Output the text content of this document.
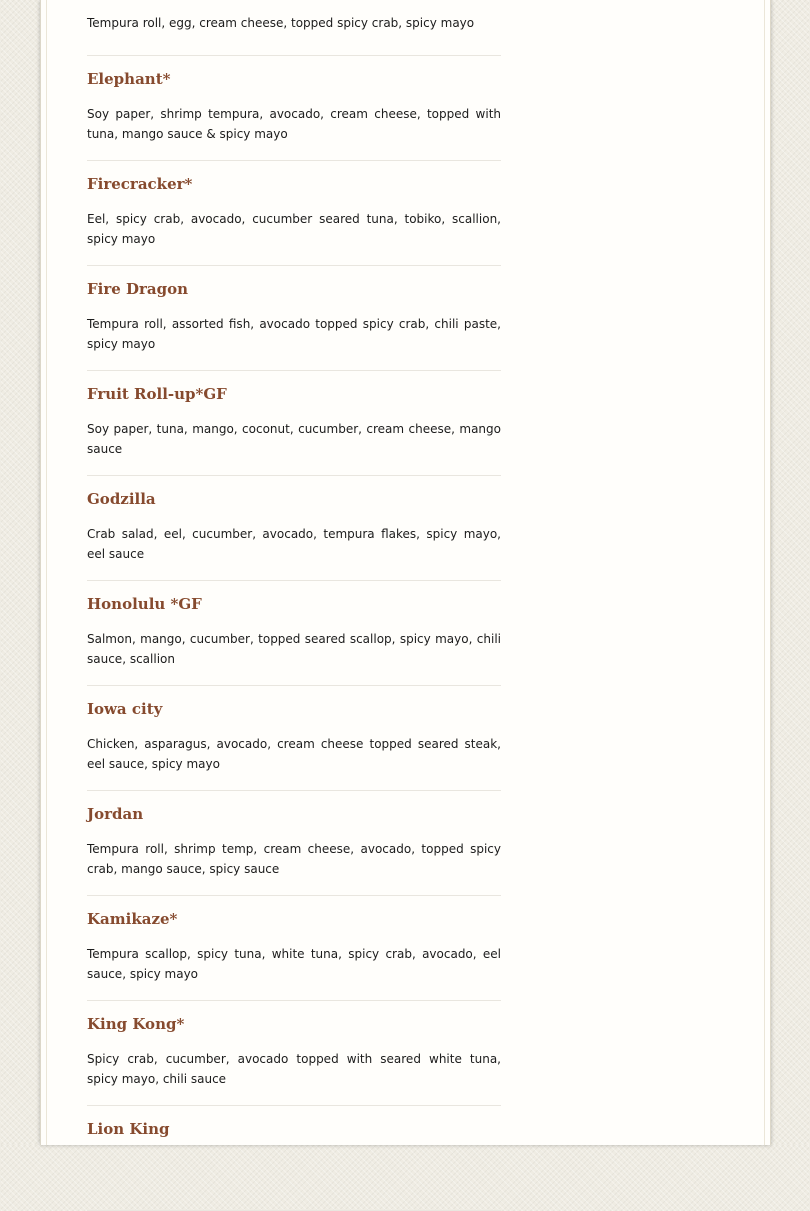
Tempura roll, egg, cream cheese, topped spicy crab, spicy mayo

Elephant*

Soy paper, shrimp tempura, avocado, cream cheese, topped with tuna, mango sauce & spicy mayo

Firecracker*

Eel, spicy crab, avocado, cucumber seared tuna, tobiko, scallion, spicy mayo

Fire Dragon

Tempura roll, assorted fish, avocado topped spicy crab, chili paste, spicy mayo

Fruit Roll-up*GF

Soy paper, tuna, mango, coconut, cucumber, cream cheese, mango sauce

Godzilla

Crab salad, eel, cucumber, avocado, tempura flakes, spicy mayo, eel sauce

Honolulu *GF

Salmon, mango, cucumber, topped seared scallop, spicy mayo, chili sauce, scallion

Iowa city

Chicken, asparagus, avocado, cream cheese topped seared steak, eel sauce, spicy mayo

Jordan

Tempura roll, shrimp temp, cream cheese, avocado, topped spicy crab, mango sauce, spicy sauce

Kamikaze*

Tempura scallop, spicy tuna, white tuna, spicy crab, avocado, eel sauce, spicy mayo

King Kong*

Spicy crab, cucumber, avocado topped with seared white tuna, spicy mayo, chili sauce

Lion King
